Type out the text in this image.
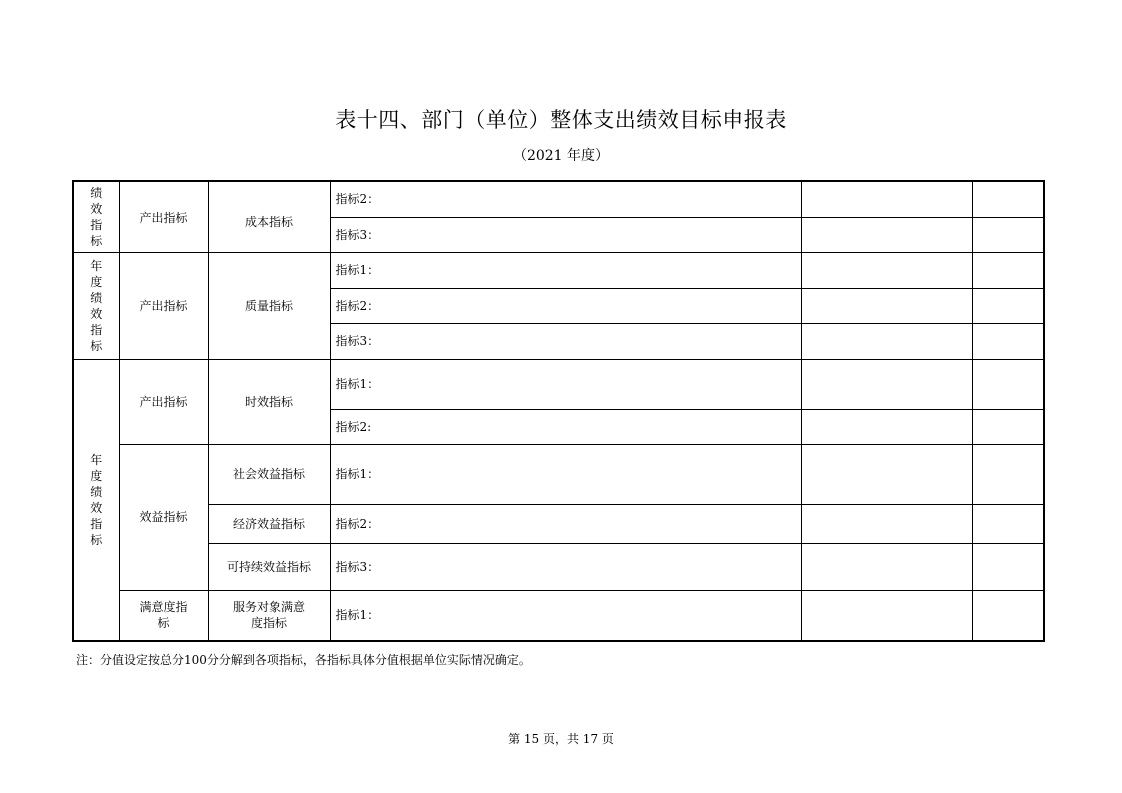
表十四、部门（单位）整体支出绩效目标申报表
（2021 年度）
绩效指标	产出指标	成本指标	指标2：		
			指标3：		

年度绩效指标	产出指标	质量指标	指标1：		
			指标2：		
			指标3：		

年度绩效指标	产出指标	时效指标	指标1：		
			指标2:		
	效益指标	社会效益指标	指标1：		
		经济效益指标	指标2：		
		可持续效益指标	指标3：		
	满意度指标	服务对象满意度指标	指标1：		
注：分值设定按总分100分分解到各项指标，各指标具体分值根据单位实际情况确定。
第 15 页，共 17 页
